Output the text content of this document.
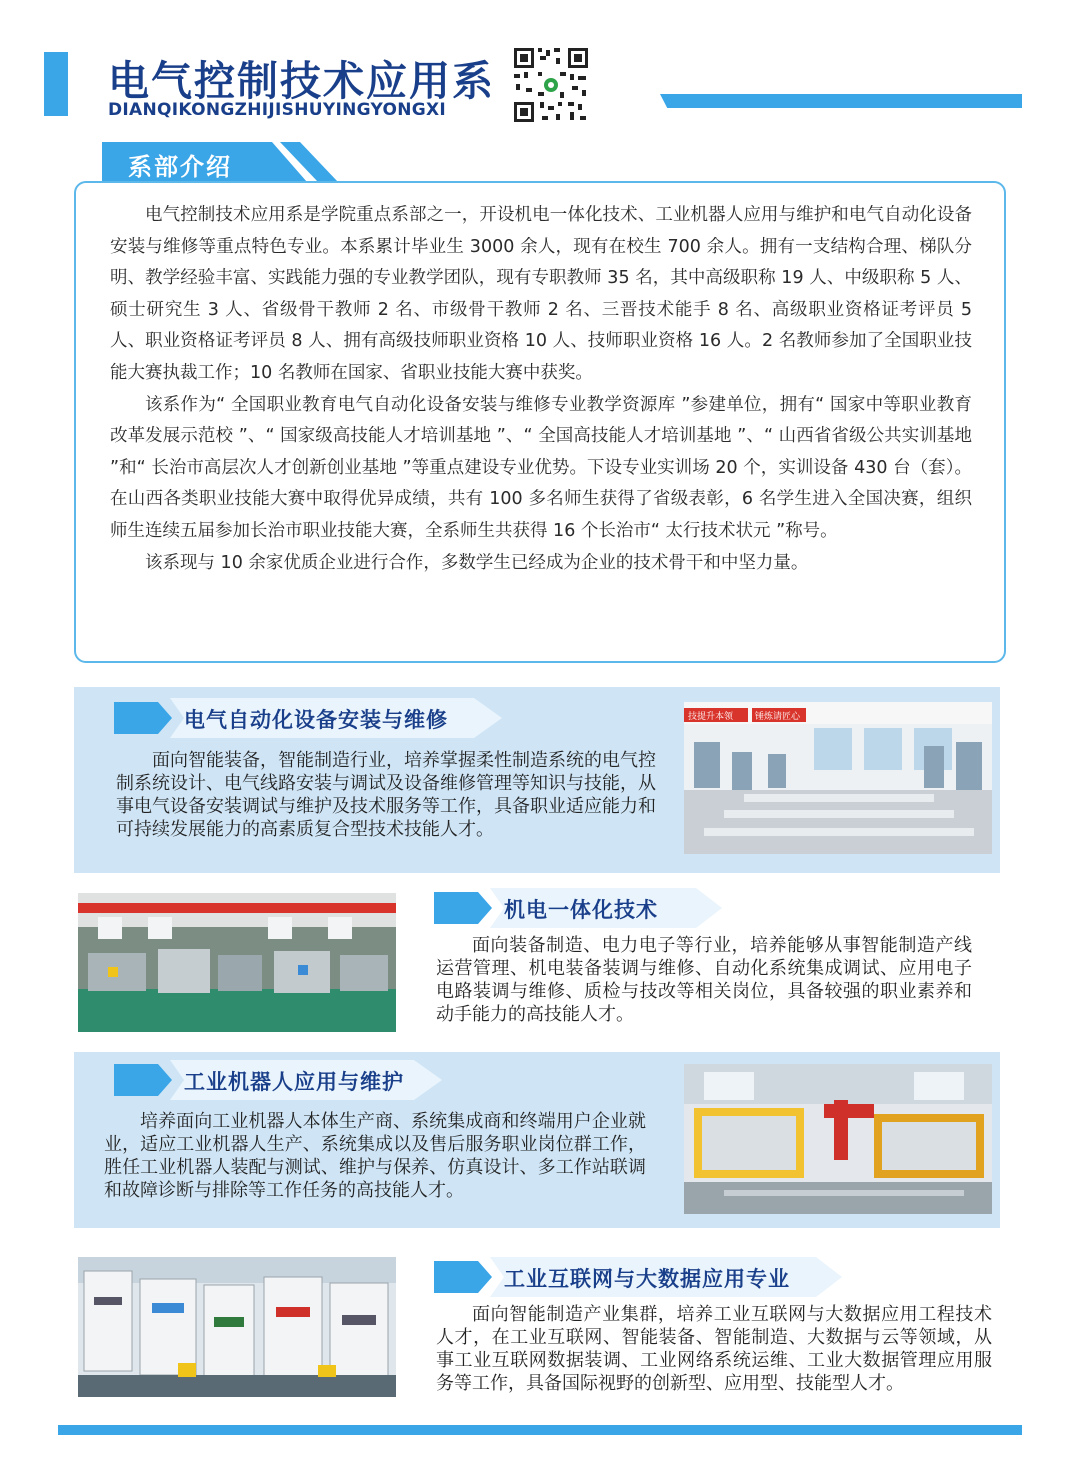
电气控制技术应用系
DIANQIKONGZHIJISHUYINGYONGXI
系部介绍

电气控制技术应用系是学院重点系部之一，开设机电一体化技术、工业机器人应用与维护和电气自动化设备安装与维修等重点特色专业。本系累计毕业生 3000 余人，现有在校生 700 余人。拥有一支结构合理、梯队分明、教学经验丰富、实践能力强的专业教学团队，现有专职教师 35 名，其中高级职称 19 人、中级职称 5 人、硕士研究生 3 人、省级骨干教师 2 名、市级骨干教师 2 名、三晋技术能手 8 名、高级职业资格证考评员 5 人、职业资格证考评员 8 人、拥有高级技师职业资格 10 人、技师职业资格 16 人。2 名教师参加了全国职业技能大赛执裁工作；10 名教师在国家、省职业技能大赛中获奖。

该系作为“ 全国职业教育电气自动化设备安装与维修专业教学资源库 ”参建单位，拥有“ 国家中等职业教育改革发展示范校 ”、“ 国家级高技能人才培训基地 ”、“ 全国高技能人才培训基地 ”、“ 山西省省级公共实训基地 ”和“ 长治市高层次人才创新创业基地 ”等重点建设专业优势。下设专业实训场 20 个，实训设备 430 台（套）。在山西各类职业技能大赛中取得优异成绩，共有 100 多名师生获得了省级表彰，6 名学生进入全国决赛，组织师生连续五届参加长治市职业技能大赛，全系师生共获得 16 个长治市“ 太行技术状元 ”称号。

该系现与 10 余家优质企业进行合作，多数学生已经成为企业的技术骨干和中坚力量。

电气自动化设备安装与维修
面向智能装备，智能制造行业，培养掌握柔性制造系统的电气控制系统设计、电气线路安装与调试及设备维修管理等知识与技能，从事电气设备安装调试与维护及技术服务等工作，具备职业适应能力和可持续发展能力的高素质复合型技术技能人才。
技提升本领 锤炼请匠心
机电一体化技术
面向装备制造、电力电子等行业，培养能够从事智能制造产线运营管理、机电装备装调与维修、自动化系统集成调试、应用电子电路装调与维修、质检与技改等相关岗位，具备较强的职业素养和动手能力的高技能人才。
工业机器人应用与维护
培养面向工业机器人本体生产商、系统集成商和终端用户企业就业，适应工业机器人生产、系统集成以及售后服务职业岗位群工作，胜任工业机器人装配与测试、维护与保养、仿真设计、多工作站联调和故障诊断与排除等工作任务的高技能人才。
工业互联网与大数据应用专业
面向智能制造产业集群，培养工业互联网与大数据应用工程技术人才，在工业互联网、智能装备、智能制造、大数据与云等领域，从事工业互联网数据装调、工业网络系统运维、工业大数据管理应用服务等工作，具备国际视野的创新型、应用型、技能型人才。
